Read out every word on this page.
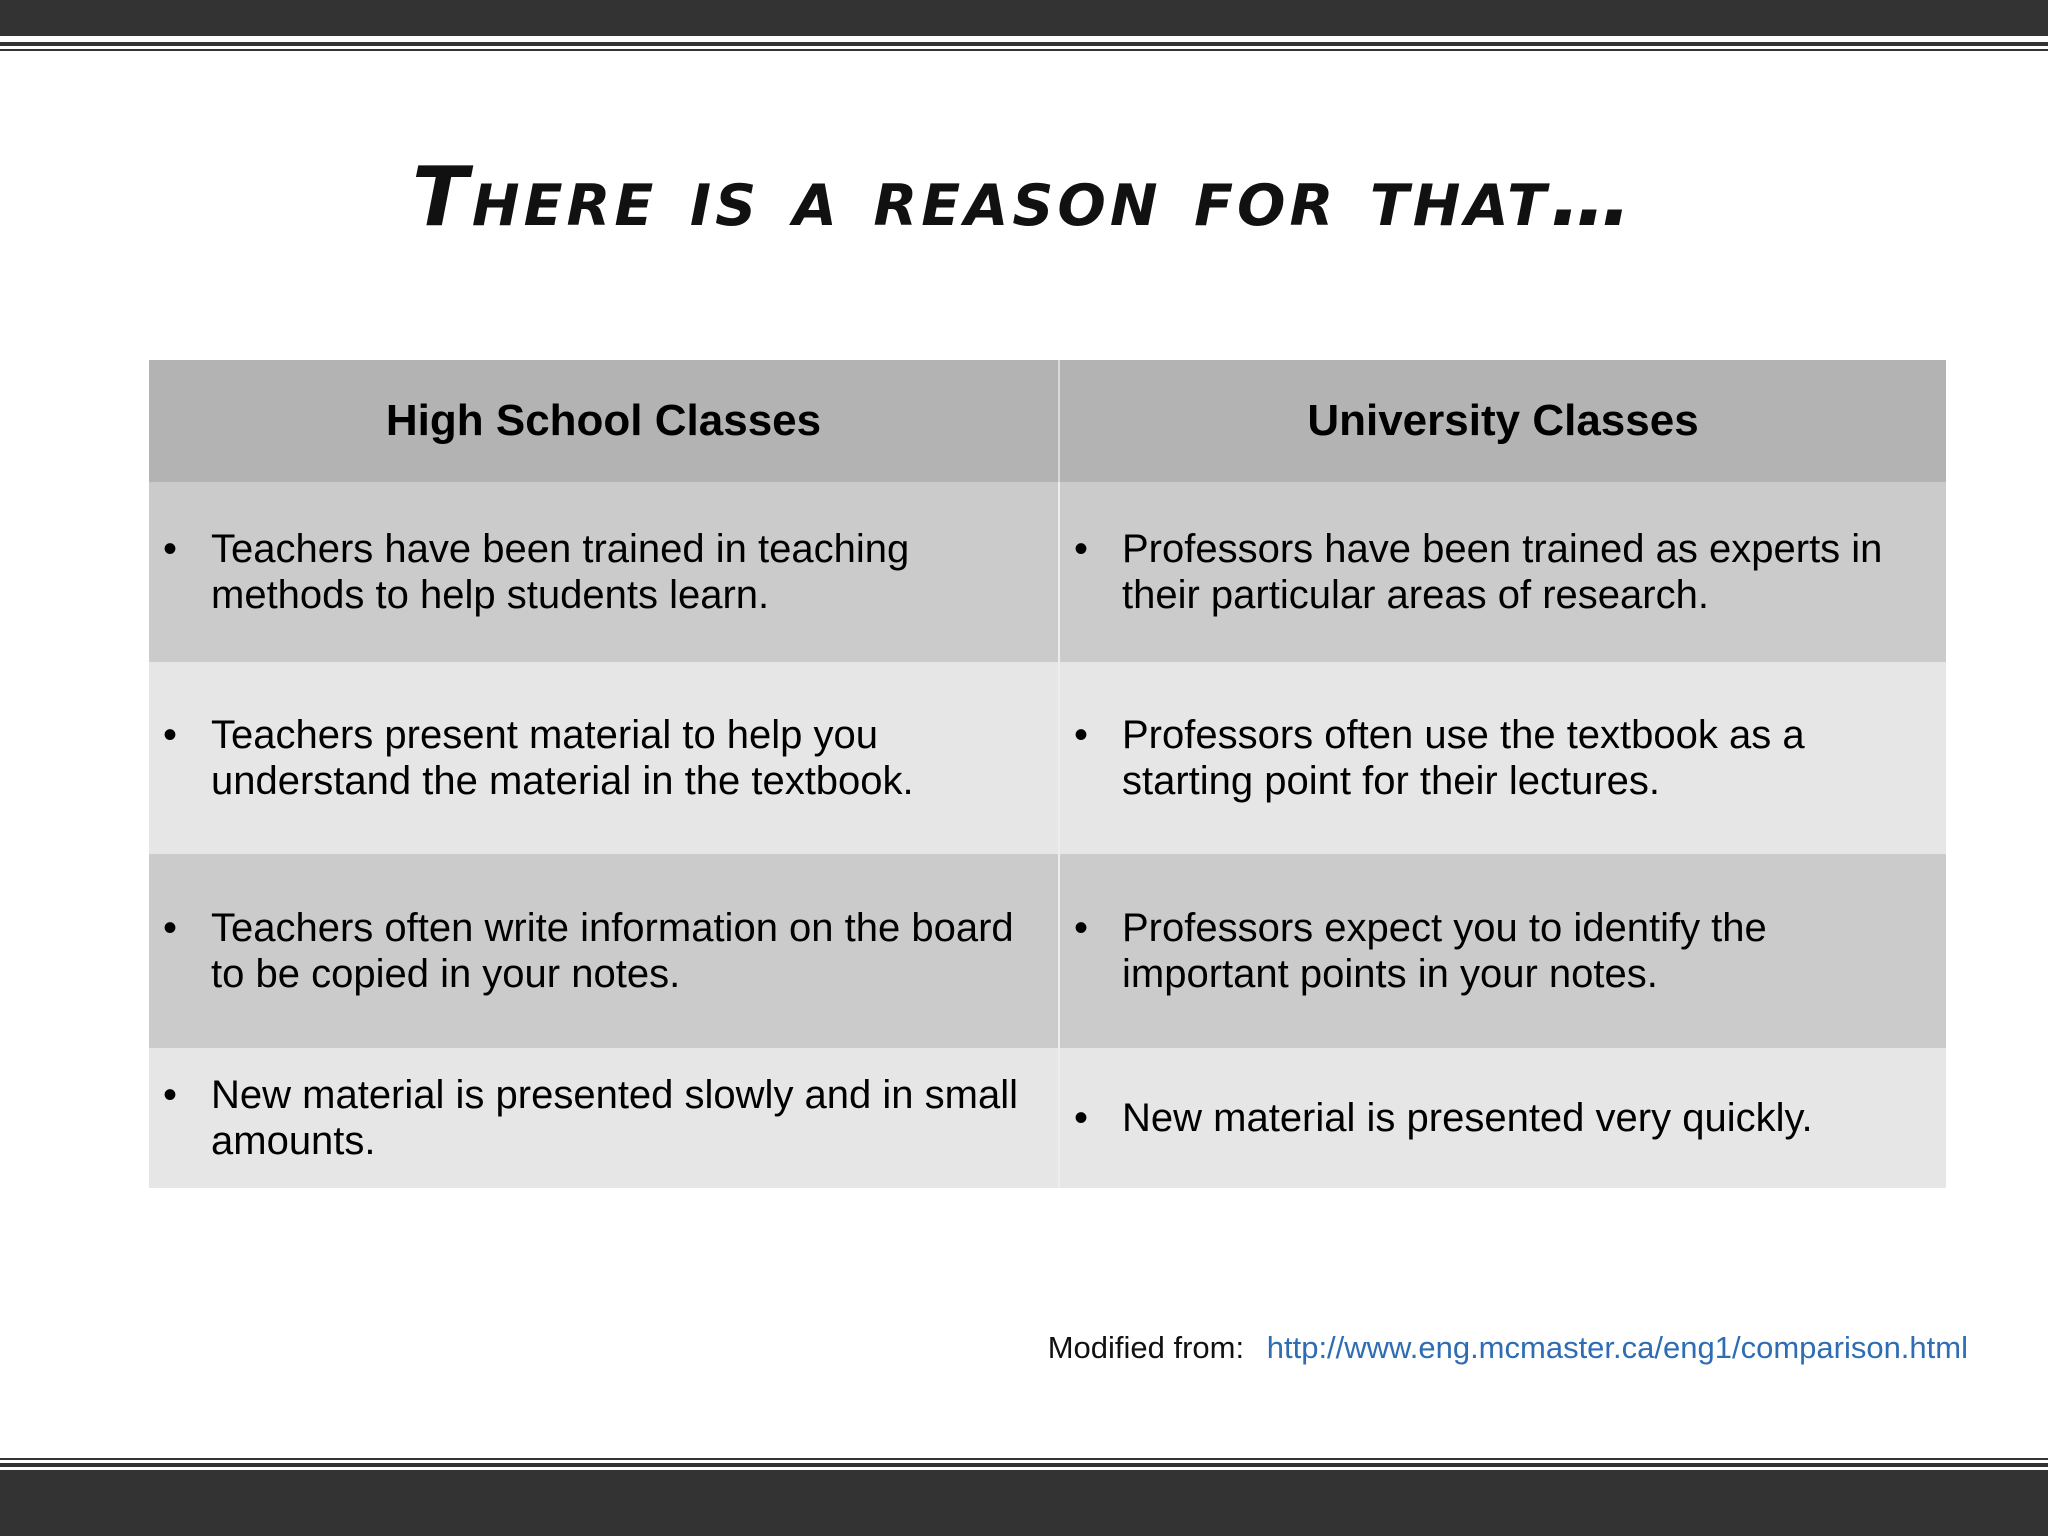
There is a reason for that…
High School Classes	University Classes

• Teachers have been trained in teaching methods to help students learn.	• Professors have been trained as experts in their particular areas of research.

• Teachers present material to help you understand the material in the textbook.	• Professors often use the textbook as a starting point for their lectures.

• Teachers often write information on the board to be copied in your notes.	• Professors expect you to identify the important points in your notes.

• New material is presented slowly and in small amounts.	• New material is presented very quickly.
Modified from: http://www.eng.mcmaster.ca/eng1/comparison.html
